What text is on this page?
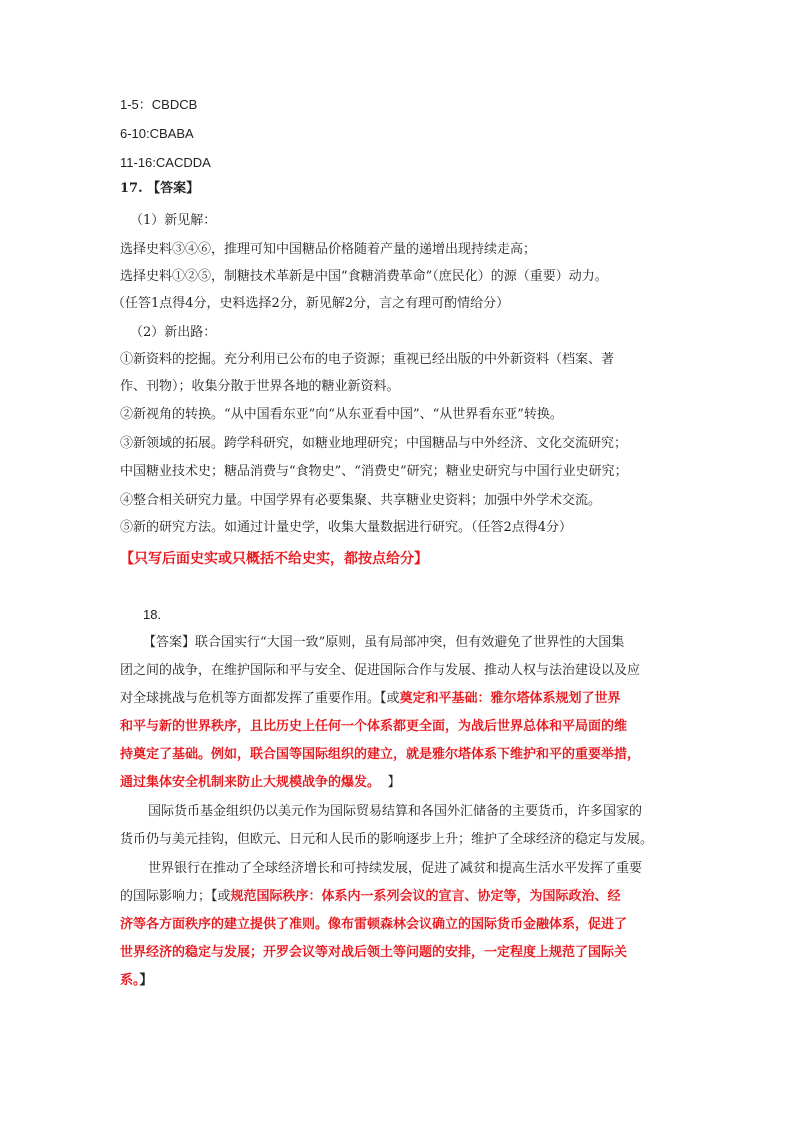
1-5：CBDCB
6-10:CBABA
11-16:CACDDA
17. 【答案】
（1）新见解：
选择史料③④⑥，推理可知中国糖品价格随着产量的递增出现持续走高；
选择史料①②⑤，制糖技术革新是中国“食糖消费革命”（庶民化）的源（重要）动力。
（任答1点得4分，史料选择2分，新见解2分，言之有理可酌情给分）
（2）新出路：
①新资料的挖掘。充分利用已公布的电子资源；重视已经出版的中外新资料（档案、著
作、刊物）；收集分散于世界各地的糖业新资料。
②新视角的转换。“从中国看东亚”向“从东亚看中国”、“从世界看东亚”转换。
③新领域的拓展。跨学科研究，如糖业地理研究；中国糖品与中外经济、文化交流研究；
中国糖业技术史；糖品消费与“食物史”、“消费史”研究；糖业史研究与中国行业史研究；
④整合相关研究力量。中国学界有必要集聚、共享糖业史资料；加强中外学术交流。
⑤新的研究方法。如通过计量史学，收集大量数据进行研究。（任答2点得4分）
【只写后面史实或只概括不给史实，都按点给分】
18.
【答案】联合国实行“大国一致”原则，虽有局部冲突，但有效避免了世界性的大国集
团之间的战争，在维护国际和平与安全、促进国际合作与发展、推动人权与法治建设以及应
对全球挑战与危机等方面都发挥了重要作用。【或奠定和平基础：雅尔塔体系规划了世界
和平与新的世界秩序，且比历史上任何一个体系都更全面，为战后世界总体和平局面的维
持奠定了基础。例如，联合国等国际组织的建立，就是雅尔塔体系下维护和平的重要举措，
通过集体安全机制来防止大规模战争的爆发。 】
国际货币基金组织仍以美元作为国际贸易结算和各国外汇储备的主要货币，许多国家的
货币仍与美元挂钩，但欧元、日元和人民币的影响逐步上升；维护了全球经济的稳定与发展。
世界银行在推动了全球经济增长和可持续发展，促进了减贫和提高生活水平发挥了重要
的国际影响力；【或规范国际秩序：体系内一系列会议的宣言、协定等，为国际政治、经
济等各方面秩序的建立提供了准则。像布雷顿森林会议确立的国际货币金融体系，促进了
世界经济的稳定与发展；开罗会议等对战后领土等问题的安排，一定程度上规范了国际关
系。】
